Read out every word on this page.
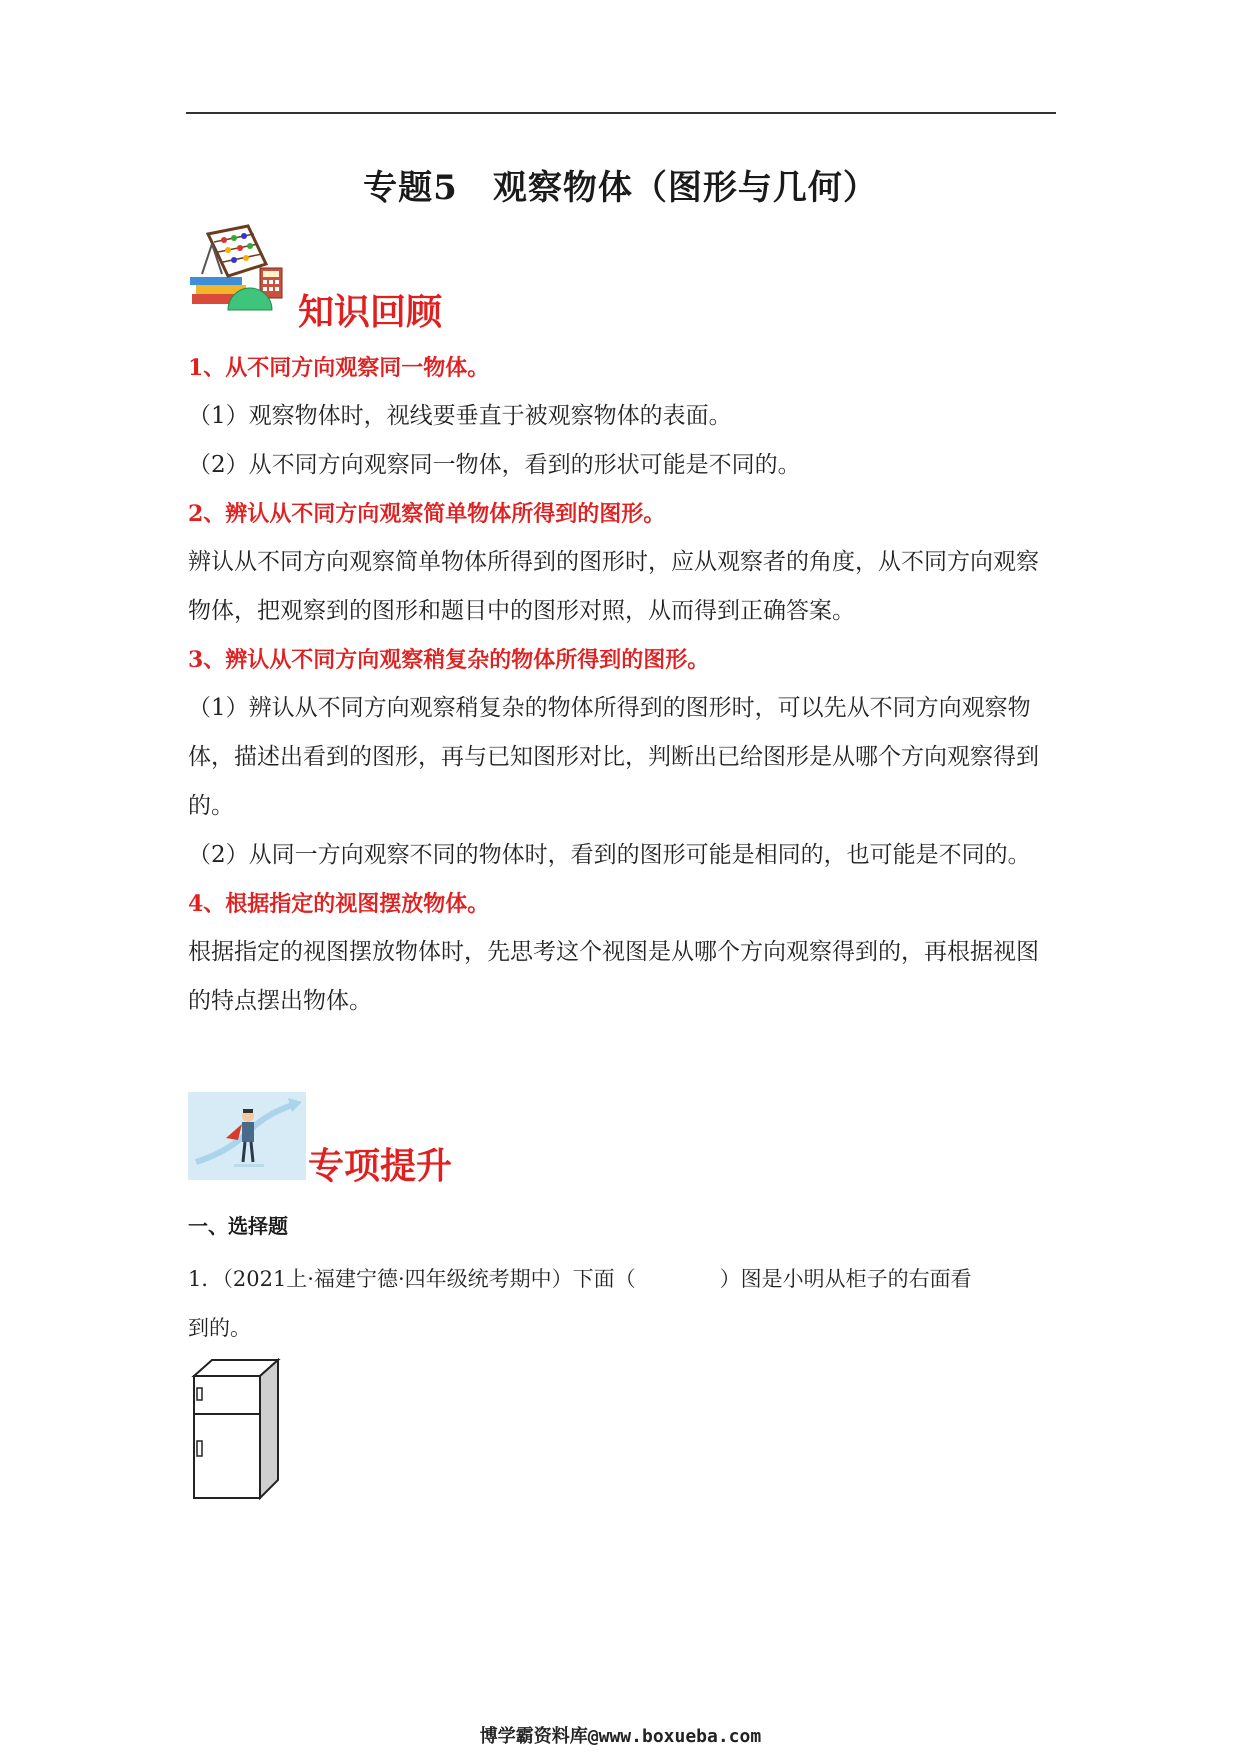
专题5　观察物体（图形与几何）
知识回顾

1、从不同方向观察同一物体。

（1）观察物体时，视线要垂直于被观察物体的表面。

（2）从不同方向观察同一物体，看到的形状可能是不同的。

2、辨认从不同方向观察简单物体所得到的图形。

辨认从不同方向观察简单物体所得到的图形时，应从观察者的角度，从不同方向观察物体，把观察到的图形和题目中的图形对照，从而得到正确答案。

3、辨认从不同方向观察稍复杂的物体所得到的图形。

（1）辨认从不同方向观察稍复杂的物体所得到的图形时，可以先从不同方向观察物体，描述出看到的图形，再与已知图形对比，判断出已给图形是从哪个方向观察得到的。

（2）从同一方向观察不同的物体时，看到的图形可能是相同的，也可能是不同的。

4、根据指定的视图摆放物体。

根据指定的视图摆放物体时，先思考这个视图是从哪个方向观察得到的，再根据视图的特点摆出物体。

专项提升
一、选择题
1．（2021上·福建宁德·四年级统考期中）下面（　　　　）图是小明从柜子的右面看
到的。
博学霸资料库@www.boxueba.com
